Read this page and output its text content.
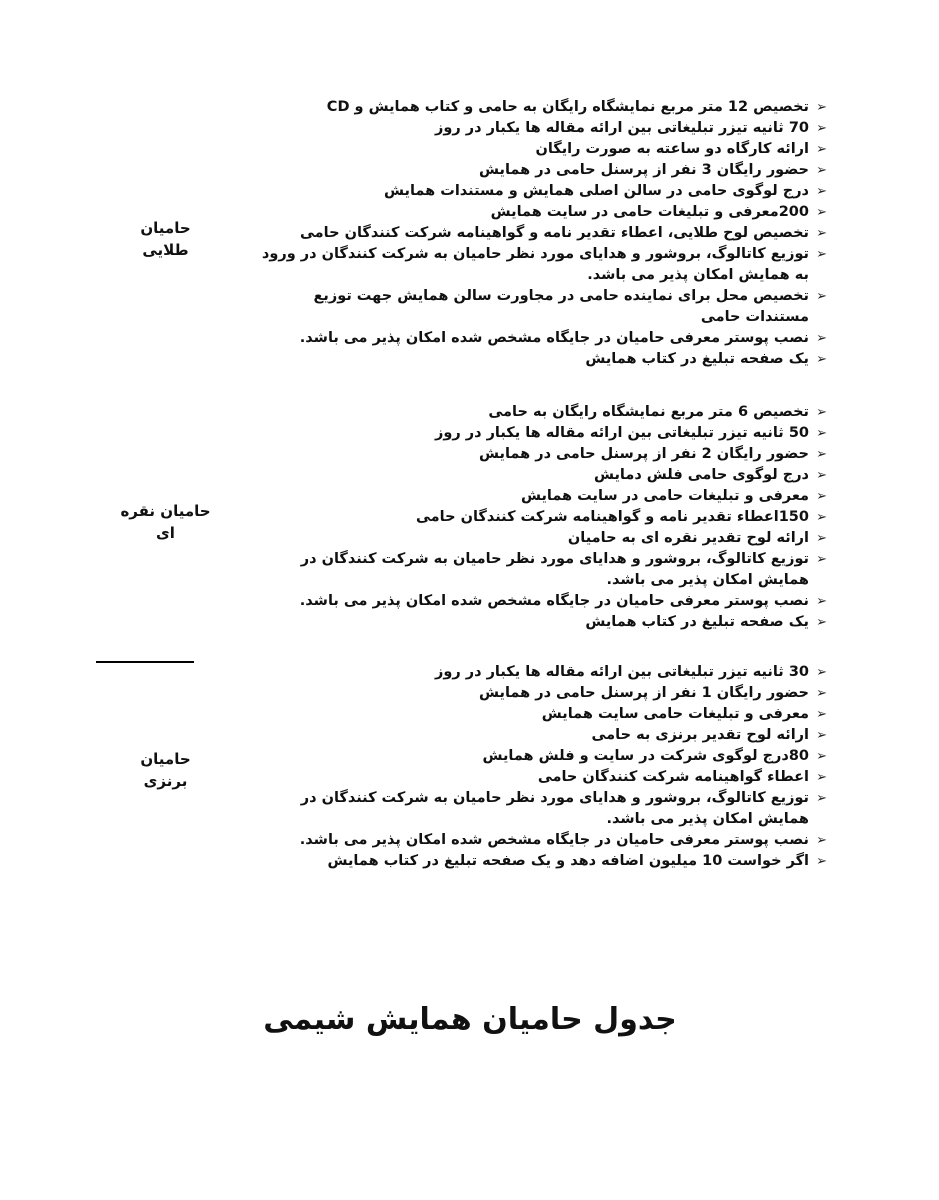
حامیان طلایی
➢
تخصیص 12 متر مربع نمایشگاه رایگان به حامی و کتاب همایش و CD
➢
70 ثانیه تیزر تبلیغاتی بین ارائه مقاله ها یکبار در روز
➢
ارائه کارگاه دو ساعته به صورت رایگان
➢
حضور رایگان 3 نفر از پرسنل حامی در همایش
➢
درج لوگوی حامی در سالن اصلی همایش و مستندات همایش
➢
200معرفی و تبلیغات حامی در سایت همایش
➢
تخصیص لوح طلایی، اعطاء تقدیر نامه و گواهینامه شرکت کنندگان حامی
➢
توزیع کاتالوگ، بروشور و هدایای مورد نظر حامیان به شرکت کنندگان در ورود به همایش امکان پذیر می باشد.
➢
تخصیص محل برای نماینده حامی در مجاورت سالن همایش جهت توزیع مستندات حامی
➢
نصب پوستر معرفی حامیان در جایگاه مشخص شده امکان پذیر می باشد.
➢
یک صفحه تبلیغ در کتاب همایش
حامیان نقره ای
➢
تخصیص 6 متر مربع نمایشگاه رایگان به حامی
➢
50 ثانیه تیزر تبلیغاتی بین ارائه مقاله ها یکبار در روز
➢
حضور رایگان 2 نفر از پرسنل حامی در همایش
➢
درج لوگوی حامی فلش دمایش
➢
معرفی و تبلیغات حامی در سایت همایش
➢
150اعطاء تقدیر نامه و گواهینامه شرکت کنندگان حامی
➢
ارائه لوح تقدیر نقره ای به حامیان
➢
توزیع کاتالوگ، بروشور و هدایای مورد نظر حامیان به شرکت کنندگان در همایش امکان پذیر می باشد.
➢
نصب پوستر معرفی حامیان در جایگاه مشخص شده امکان پذیر می باشد.
➢
یک صفحه تبلیغ در کتاب همایش
حامیان برنزی
➢
30 ثانیه تیزر تبلیغاتی بین ارائه مقاله ها یکبار در روز
➢
حضور رایگان 1 نفر از پرسنل حامی در همایش
➢
معرفی و تبلیغات حامی سایت همایش
➢
ارائه لوح تقدیر برنزی به حامی
➢
80درج لوگوی شرکت در سایت و فلش همایش
➢
اعطاء گواهینامه شرکت کنندگان حامی
➢
توزیع کاتالوگ، بروشور و هدایای مورد نظر حامیان به شرکت کنندگان در همایش امکان پذیر می باشد.
➢
نصب پوستر معرفی حامیان در جایگاه مشخص شده امکان پذیر می باشد.
➢
اگر خواست 10 میلیون اضافه دهد و یک صفحه تبلیغ در کتاب همایش
جدول حامیان همایش شیمی
